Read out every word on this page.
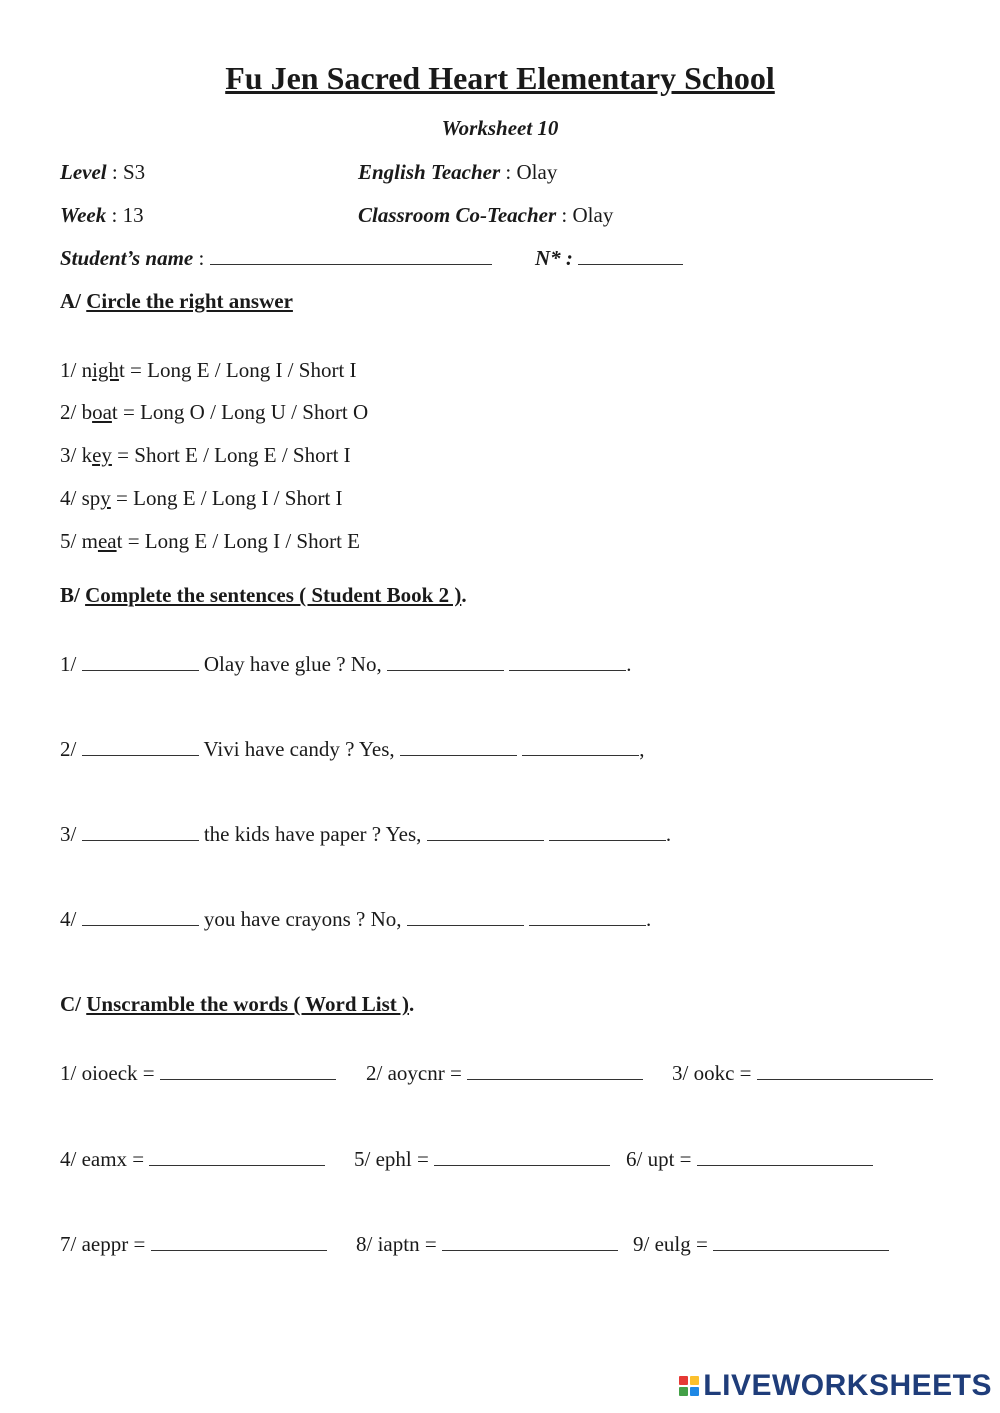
Fu Jen Sacred Heart Elementary School
Worksheet 10
Level : S3	English Teacher : Olay
Week : 13	Classroom Co-Teacher : Olay
Student’s name :	N* :
A/ Circle the right answer
1/ night = Long E / Long I / Short I
2/ boat = Long O / Long U / Short O
3/ key = Short E / Long E / Short I
4/ spy = Long E / Long I / Short I
5/ meat = Long E / Long I / Short E
B/ Complete the sentences ( Student Book 2 ).
1/	Olay have glue ? No,	.
2/	Vivi have candy ? Yes,	,
3/	the kids have paper ? Yes,	.
4/	you have crayons ? No,	.
C/ Unscramble the words ( Word List ).
1/ oioeck =	2/ aoycnr =	3/ ookc =
4/ eamx =	5/ ephl =	6/ upt =
7/ aeppr =	8/ iaptn =	9/ eulg =
LIVEWORKSHEETS
